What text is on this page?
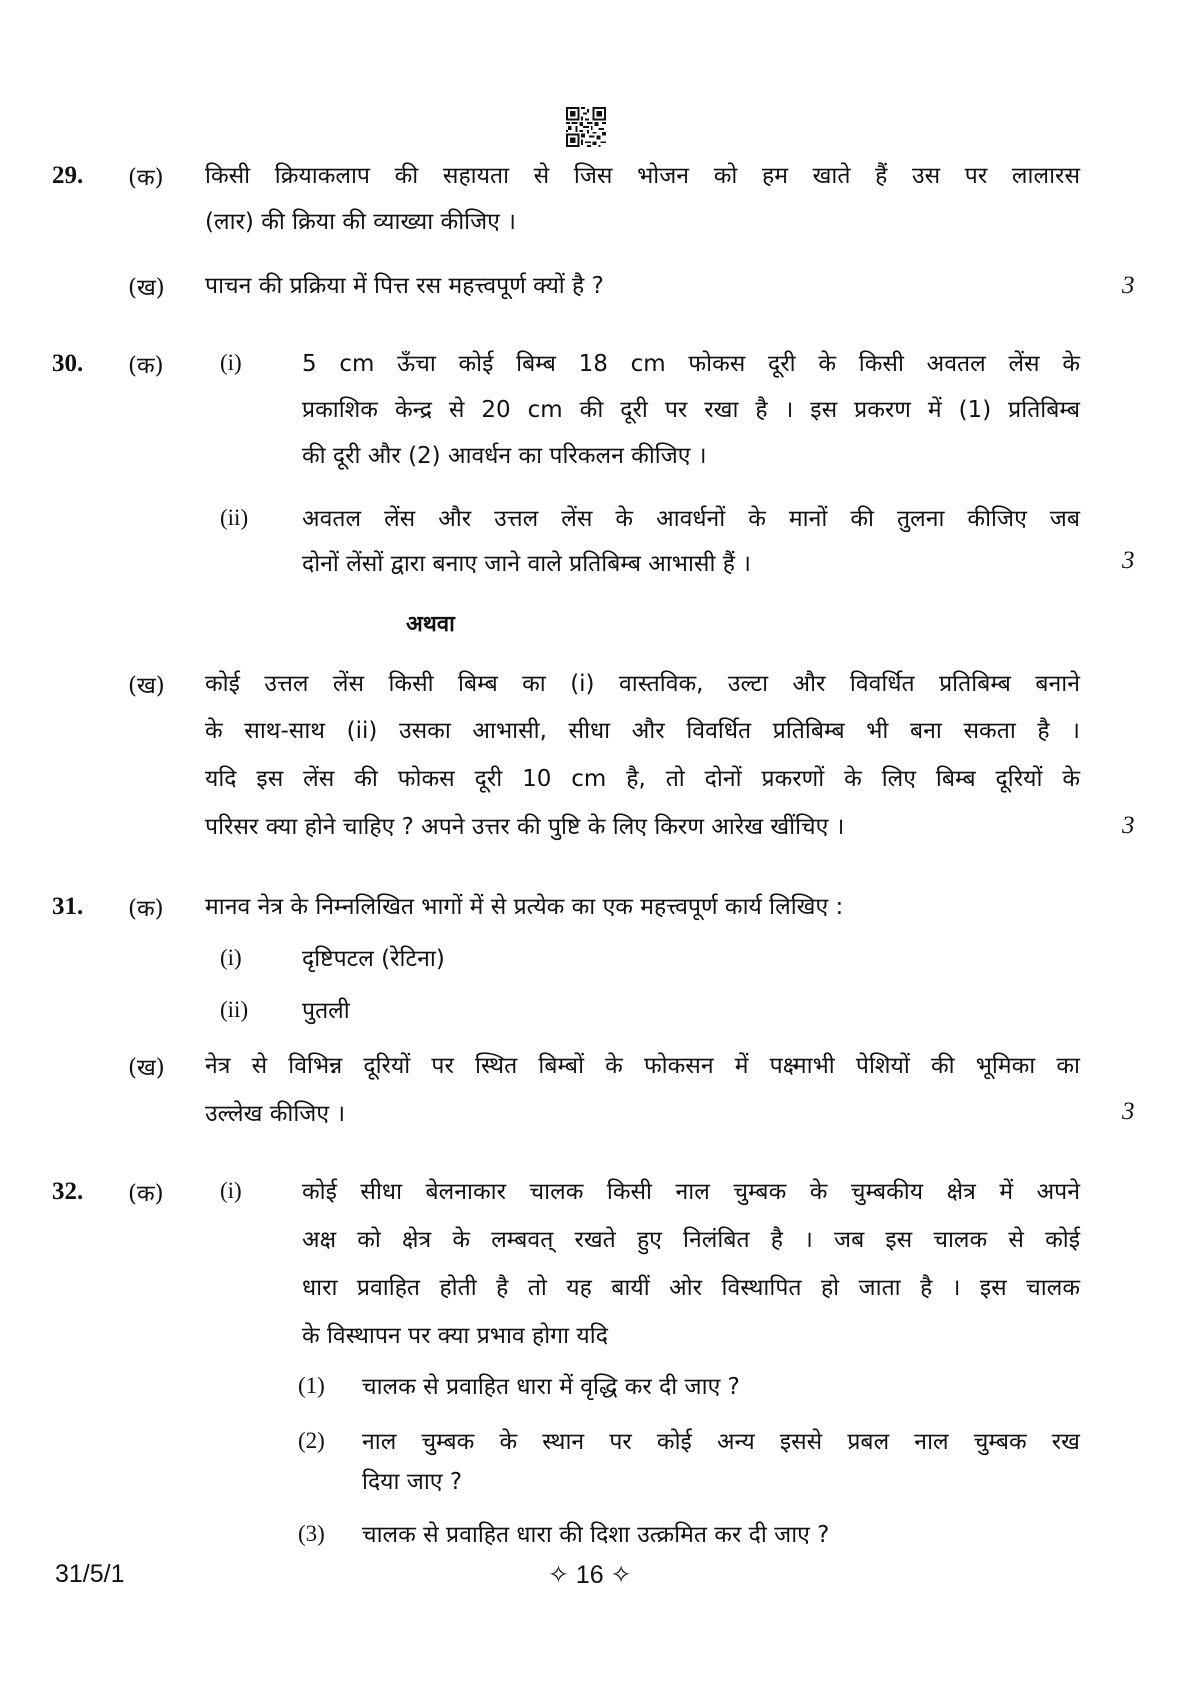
29. (क) किसी क्रियाकलाप की सहायता से जिस भोजन को हम खाते हैं उस पर लालारस
(लार) की क्रिया की व्याख्या कीजिए ।
(ख) पाचन की प्रक्रिया में पित्त रस महत्त्वपूर्ण क्यों है ?	3
30. (क) (i)	5 cm ऊँचा कोई बिम्ब 18 cm फोकस दूरी के किसी अवतल लेंस के
प्रकाशिक केन्द्र से 20 cm की दूरी पर रखा है । इस प्रकरण में (1) प्रतिबिम्ब
की दूरी और (2) आवर्धन का परिकलन कीजिए ।
(ii) अवतल लेंस और उत्तल लेंस के आवर्धनों के मानों की तुलना कीजिए जब
दोनों लेंसों द्वारा बनाए जाने वाले प्रतिबिम्ब आभासी हैं ।	3
अथवा
(ख) कोई उत्तल लेंस किसी बिम्ब का (i) वास्तविक, उल्टा और विवर्धित प्रतिबिम्ब बनाने
के साथ-साथ (ii) उसका आभासी, सीधा और विवर्धित प्रतिबिम्ब भी बना सकता है ।
यदि इस लेंस की फोकस दूरी 10 cm है, तो दोनों प्रकरणों के लिए बिम्ब दूरियों के
परिसर क्या होने चाहिए ? अपने उत्तर की पुष्टि के लिए किरण आरेख खींचिए ।	3
31. (क) मानव नेत्र के निम्नलिखित भागों में से प्रत्येक का एक महत्त्वपूर्ण कार्य लिखिए :
(i)	दृष्टिपटल (रेटिना)
(ii) पुतली
(ख) नेत्र से विभिन्न दूरियों पर स्थित बिम्बों के फोकसन में पक्ष्माभी पेशियों की भूमिका का
उल्लेख कीजिए ।	3
32. (क) (i)	कोई सीधा बेलनाकार चालक किसी नाल चुम्बक के चुम्बकीय क्षेत्र में अपने
अक्ष को क्षेत्र के लम्बवत् रखते हुए निलंबित है । जब इस चालक से कोई
धारा प्रवाहित होती है तो यह बायीं ओर विस्थापित हो जाता है । इस चालक
के विस्थापन पर क्या प्रभाव होगा यदि
(1) चालक से प्रवाहित धारा में वृद्धि कर दी जाए ?
(2) नाल चुम्बक के स्थान पर कोई अन्य इससे प्रबल नाल चुम्बक रख
दिया जाए ?
(3) चालक से प्रवाहित धारा की दिशा उत्क्रमित कर दी जाए ?
31/5/1	✧ 16 ✧
